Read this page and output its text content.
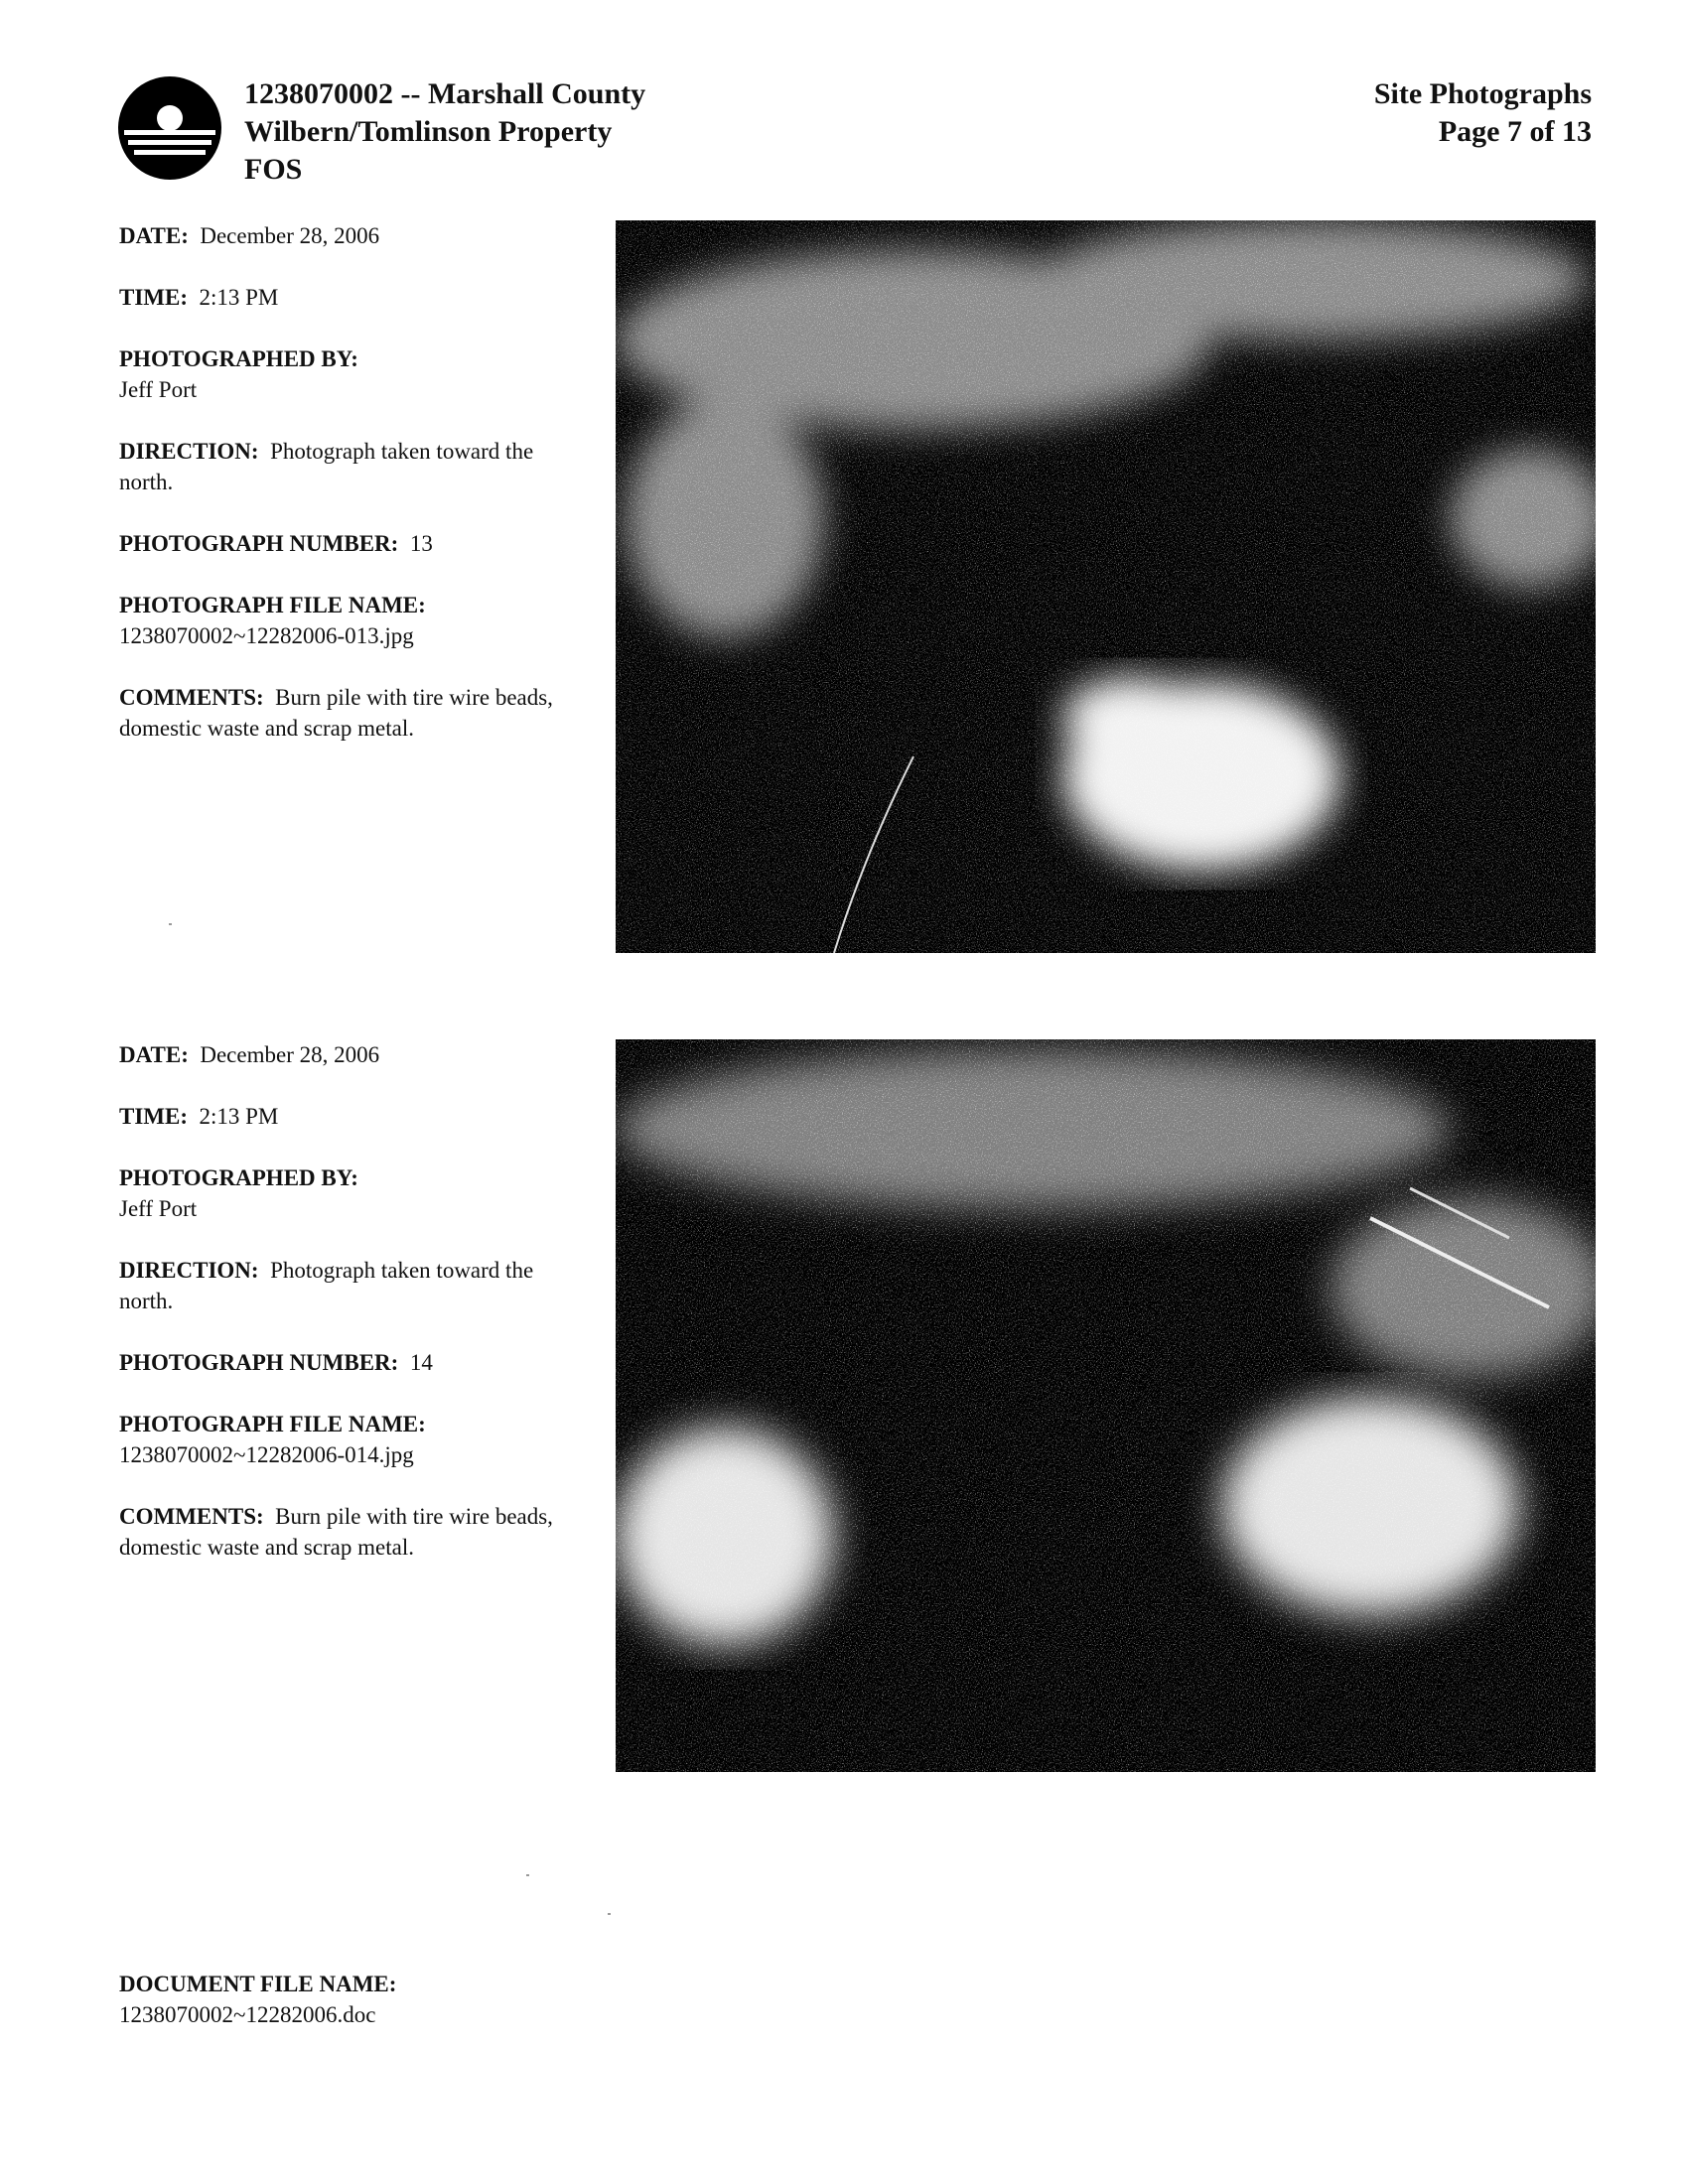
1238070002 -- Marshall County
Wilbern/Tomlinson Property
FOS
Site Photographs
Page 7 of 13

DATE: December 28, 2006

TIME: 2:13 PM

PHOTOGRAPHED BY:
Jeff Port

DIRECTION: Photograph taken toward the north.

PHOTOGRAPH NUMBER: 13

PHOTOGRAPH FILE NAME:
1238070002~12282006-013.jpg

COMMENTS: Burn pile with tire wire beads, domestic waste and scrap metal.

DATE: December 28, 2006

TIME: 2:13 PM

PHOTOGRAPHED BY:
Jeff Port

DIRECTION: Photograph taken toward the north.

PHOTOGRAPH NUMBER: 14

PHOTOGRAPH FILE NAME:
1238070002~12282006-014.jpg

COMMENTS: Burn pile with tire wire beads, domestic waste and scrap metal.

DOCUMENT FILE NAME:
1238070002~12282006.doc
